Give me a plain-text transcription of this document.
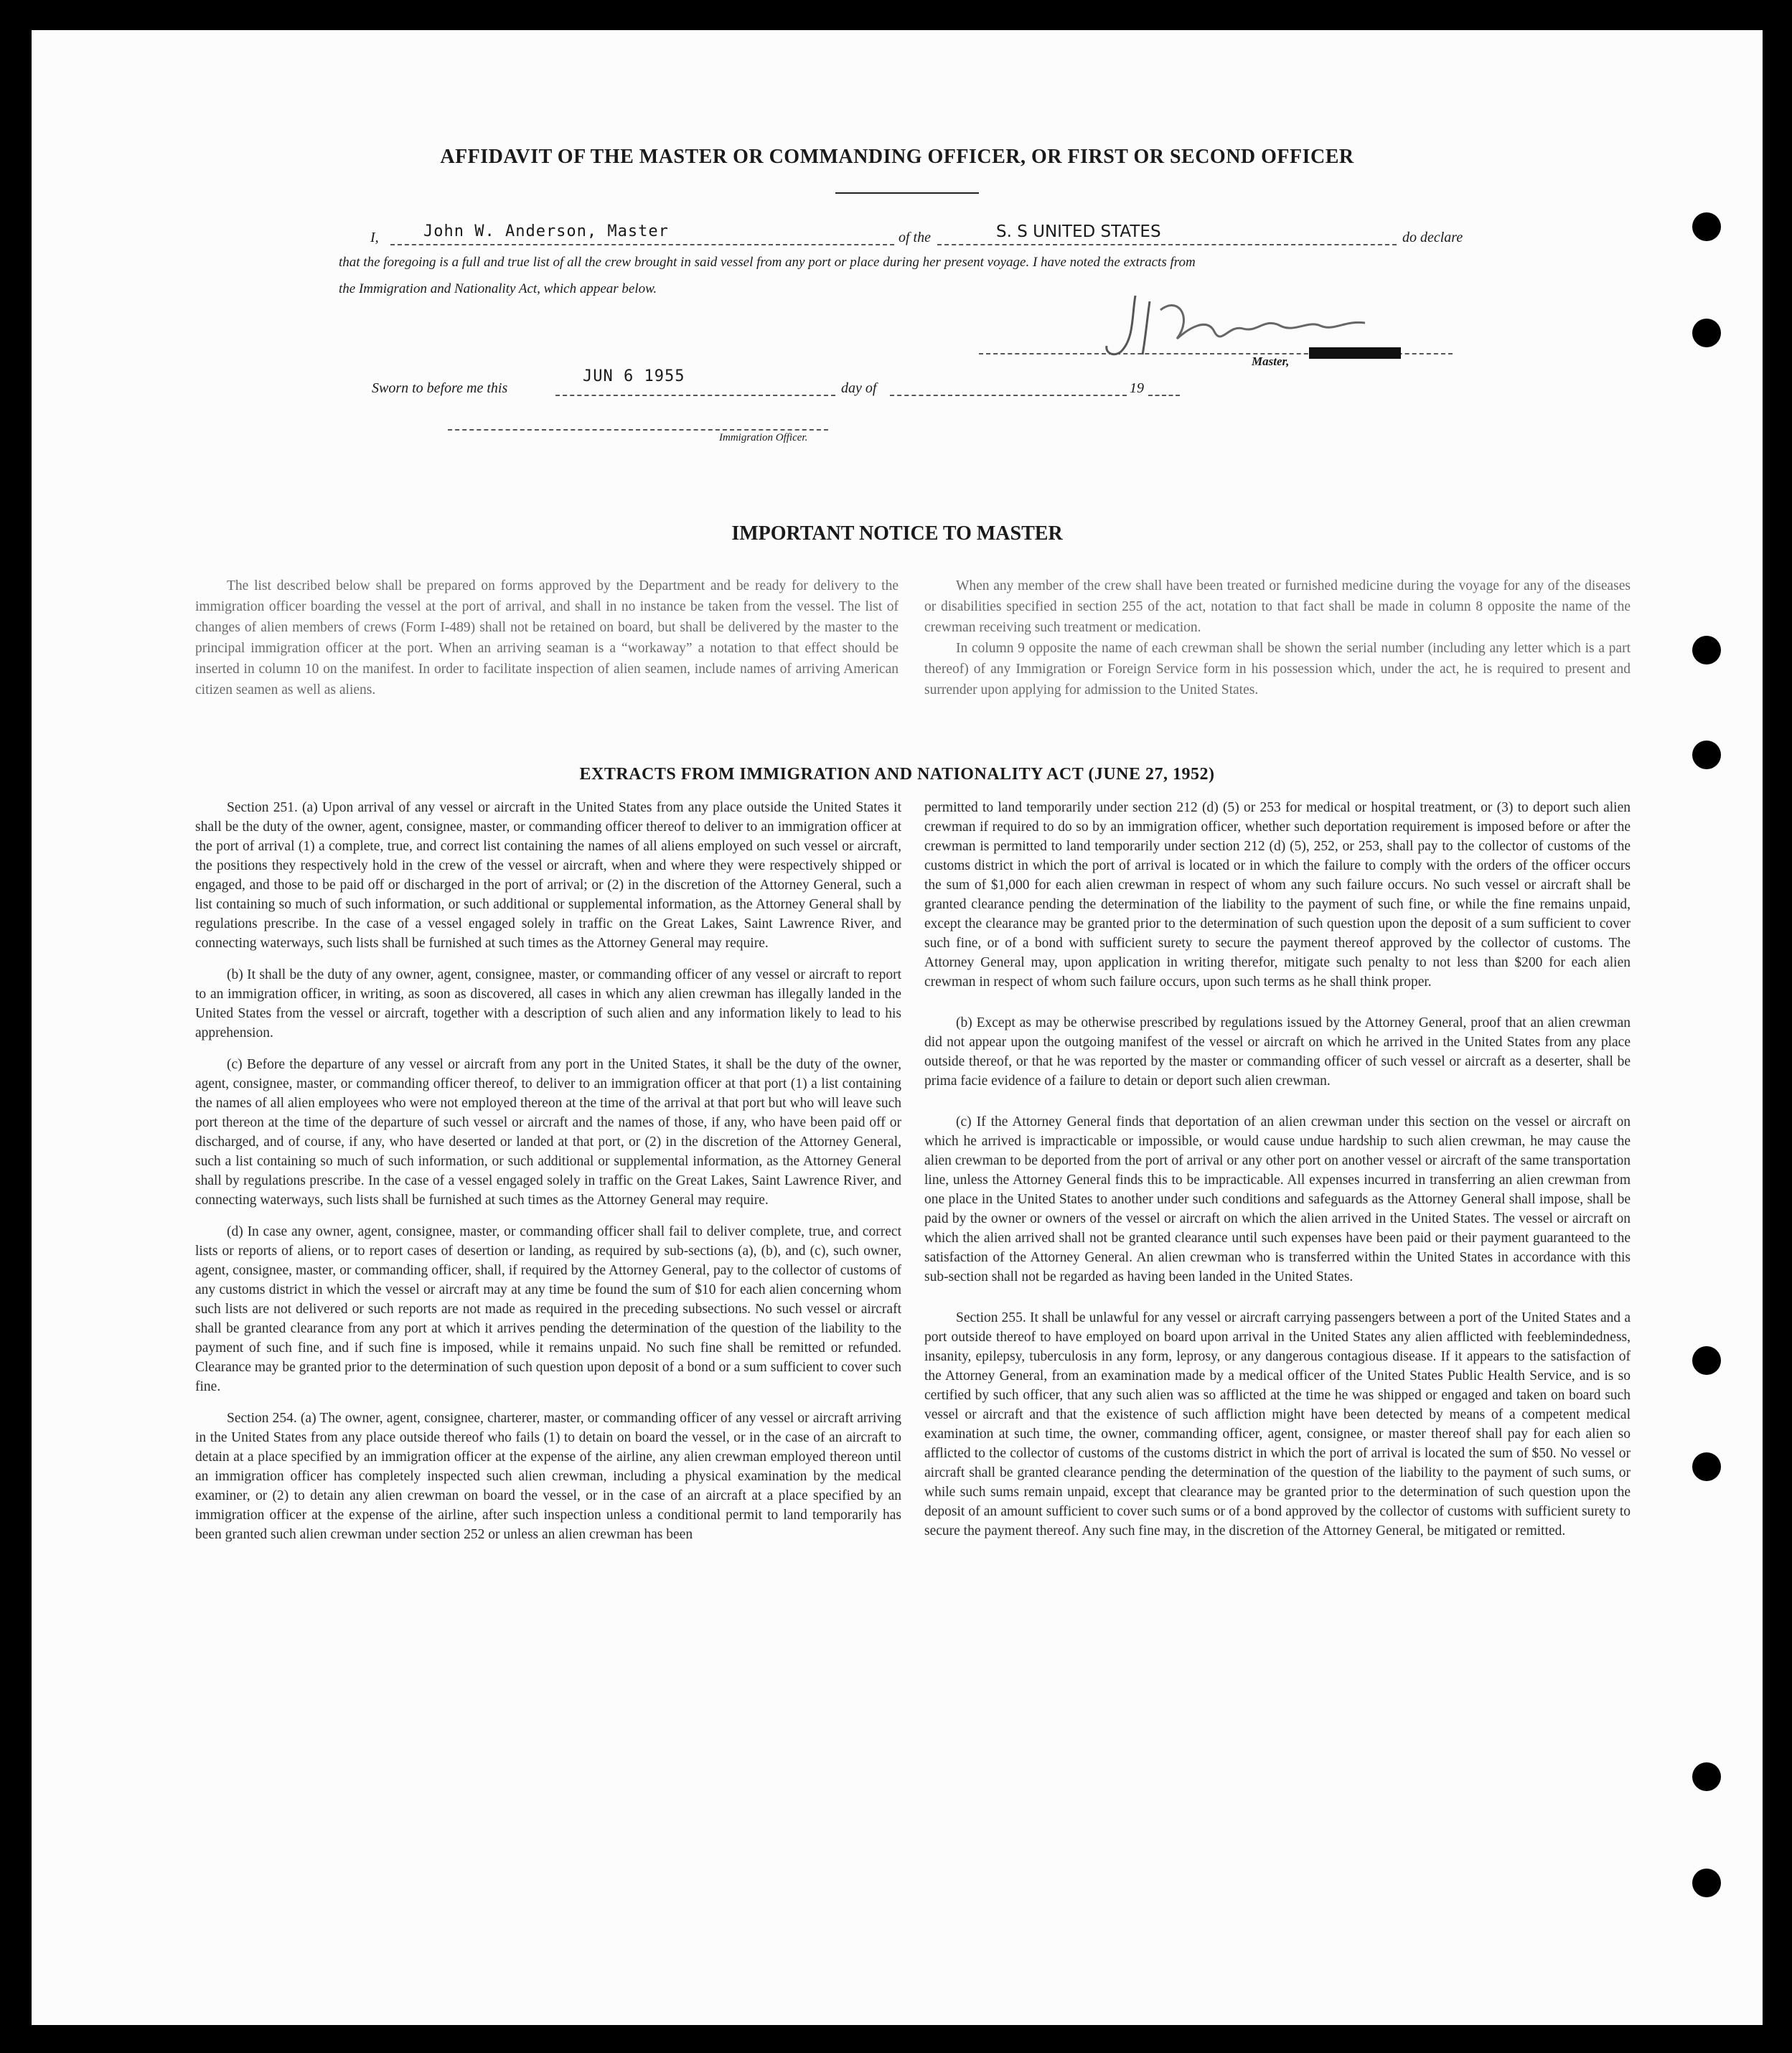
AFFIDAVIT OF THE MASTER OR COMMANDING OFFICER, OR FIRST OR SECOND OFFICER
I,	John W. Anderson, Master	of the	S. S UNITED STATES	do declare
that the foregoing is a full and true list of all the crew brought in said vessel from any port or place during her present voyage. I have noted the extracts from
the Immigration and Nationality Act, which appear below.
Master,
Sworn to before me this
JUN 6 1955
day of	19
Immigration Officer.
IMPORTANT NOTICE TO MASTER

The list described below shall be prepared on forms approved by the Department and be ready for delivery to the immigration officer boarding the vessel at the port of arrival, and shall in no instance be taken from the vessel. The list of changes of alien members of crews (Form I-489) shall not be retained on board, but shall be delivered by the master to the principal immigration officer at the port. When an arriving seaman is a “workaway” a notation to that effect should be inserted in column 10 on the manifest. In order to facilitate inspection of alien seamen, include names of arriving American citizen seamen as well as aliens.

When any member of the crew shall have been treated or furnished medicine during the voyage for any of the diseases or disabilities specified in section 255 of the act, notation to that fact shall be made in column 8 opposite the name of the crewman receiving such treatment or medication.

In column 9 opposite the name of each crewman shall be shown the serial number (including any letter which is a part thereof) of any Immigration or Foreign Service form in his possession which, under the act, he is required to present and surrender upon applying for admission to the United States.

EXTRACTS FROM IMMIGRATION AND NATIONALITY ACT (JUNE 27, 1952)

Section 251. (a) Upon arrival of any vessel or aircraft in the United States from any place outside the United States it shall be the duty of the owner, agent, consignee, master, or commanding officer thereof to deliver to an immigration officer at the port of arrival (1) a complete, true, and correct list containing the names of all aliens employed on such vessel or aircraft, the positions they respectively hold in the crew of the vessel or aircraft, when and where they were respectively shipped or engaged, and those to be paid off or discharged in the port of arrival; or (2) in the discretion of the Attorney General, such a list containing so much of such information, or such additional or supplemental information, as the Attorney General shall by regulations prescribe. In the case of a vessel engaged solely in traffic on the Great Lakes, Saint Lawrence River, and connecting waterways, such lists shall be furnished at such times as the Attorney General may require.

(b) It shall be the duty of any owner, agent, consignee, master, or commanding officer of any vessel or aircraft to report to an immigration officer, in writing, as soon as discovered, all cases in which any alien crewman has illegally landed in the United States from the vessel or aircraft, together with a description of such alien and any information likely to lead to his apprehension.

(c) Before the departure of any vessel or aircraft from any port in the United States, it shall be the duty of the owner, agent, consignee, master, or commanding officer thereof, to deliver to an immigration officer at that port (1) a list containing the names of all alien employees who were not employed thereon at the time of the arrival at that port but who will leave such port thereon at the time of the departure of such vessel or aircraft and the names of those, if any, who have been paid off or discharged, and of course, if any, who have deserted or landed at that port, or (2) in the discretion of the Attorney General, such a list containing so much of such information, or such additional or supplemental information, as the Attorney General shall by regulations prescribe. In the case of a vessel engaged solely in traffic on the Great Lakes, Saint Lawrence River, and connecting waterways, such lists shall be furnished at such times as the Attorney General may require.

(d) In case any owner, agent, consignee, master, or commanding officer shall fail to deliver complete, true, and correct lists or reports of aliens, or to report cases of desertion or landing, as required by sub-sections (a), (b), and (c), such owner, agent, consignee, master, or commanding officer, shall, if required by the Attorney General, pay to the collector of customs of any customs district in which the vessel or aircraft may at any time be found the sum of $10 for each alien concerning whom such lists are not delivered or such reports are not made as required in the preceding subsections. No such vessel or aircraft shall be granted clearance from any port at which it arrives pending the determination of the question of the liability to the payment of such fine, and if such fine is imposed, while it remains unpaid. No such fine shall be remitted or refunded. Clearance may be granted prior to the determination of such question upon deposit of a bond or a sum sufficient to cover such fine.

Section 254. (a) The owner, agent, consignee, charterer, master, or commanding officer of any vessel or aircraft arriving in the United States from any place outside thereof who fails (1) to detain on board the vessel, or in the case of an aircraft to detain at a place specified by an immigration officer at the expense of the airline, any alien crewman employed thereon until an immigration officer has completely inspected such alien crewman, including a physical examination by the medical examiner, or (2) to detain any alien crewman on board the vessel, or in the case of an aircraft at a place specified by an immigration officer at the expense of the airline, after such inspection unless a conditional permit to land temporarily has been granted such alien crewman under section 252 or unless an alien crewman has been

permitted to land temporarily under section 212 (d) (5) or 253 for medical or hospital treatment, or (3) to deport such alien crewman if required to do so by an immigration officer, whether such deportation requirement is imposed before or after the crewman is permitted to land temporarily under section 212 (d) (5), 252, or 253, shall pay to the collector of customs of the customs district in which the port of arrival is located or in which the failure to comply with the orders of the officer occurs the sum of $1,000 for each alien crewman in respect of whom any such failure occurs. No such vessel or aircraft shall be granted clearance pending the determination of the liability to the payment of such fine, or while the fine remains unpaid, except the clearance may be granted prior to the determination of such question upon the deposit of a sum sufficient to cover such fine, or of a bond with sufficient surety to secure the payment thereof approved by the collector of customs. The Attorney General may, upon application in writing therefor, mitigate such penalty to not less than $200 for each alien crewman in respect of whom such failure occurs, upon such terms as he shall think proper.

(b) Except as may be otherwise prescribed by regulations issued by the Attorney General, proof that an alien crewman did not appear upon the outgoing manifest of the vessel or aircraft on which he arrived in the United States from any place outside thereof, or that he was reported by the master or commanding officer of such vessel or aircraft as a deserter, shall be prima facie evidence of a failure to detain or deport such alien crewman.

(c) If the Attorney General finds that deportation of an alien crewman under this section on the vessel or aircraft on which he arrived is impracticable or impossible, or would cause undue hardship to such alien crewman, he may cause the alien crewman to be deported from the port of arrival or any other port on another vessel or aircraft of the same transportation line, unless the Attorney General finds this to be impracticable. All expenses incurred in transferring an alien crewman from one place in the United States to another under such conditions and safeguards as the Attorney General shall impose, shall be paid by the owner or owners of the vessel or aircraft on which the alien arrived in the United States. The vessel or aircraft on which the alien arrived shall not be granted clearance until such expenses have been paid or their payment guaranteed to the satisfaction of the Attorney General. An alien crewman who is transferred within the United States in accordance with this sub-section shall not be regarded as having been landed in the United States.

Section 255. It shall be unlawful for any vessel or aircraft carrying passengers between a port of the United States and a port outside thereof to have employed on board upon arrival in the United States any alien afflicted with feeblemindedness, insanity, epilepsy, tuberculosis in any form, leprosy, or any dangerous contagious disease. If it appears to the satisfaction of the Attorney General, from an examination made by a medical officer of the United States Public Health Service, and is so certified by such officer, that any such alien was so afflicted at the time he was shipped or engaged and taken on board such vessel or aircraft and that the existence of such affliction might have been detected by means of a competent medical examination at such time, the owner, commanding officer, agent, consignee, or master thereof shall pay for each alien so afflicted to the collector of customs of the customs district in which the port of arrival is located the sum of $50. No vessel or aircraft shall be granted clearance pending the determination of the question of the liability to the payment of such sums, or while such sums remain unpaid, except that clearance may be granted prior to the determination of such question upon the deposit of an amount sufficient to cover such sums or of a bond approved by the collector of customs with sufficient surety to secure the payment thereof. Any such fine may, in the discretion of the Attorney General, be mitigated or remitted.
